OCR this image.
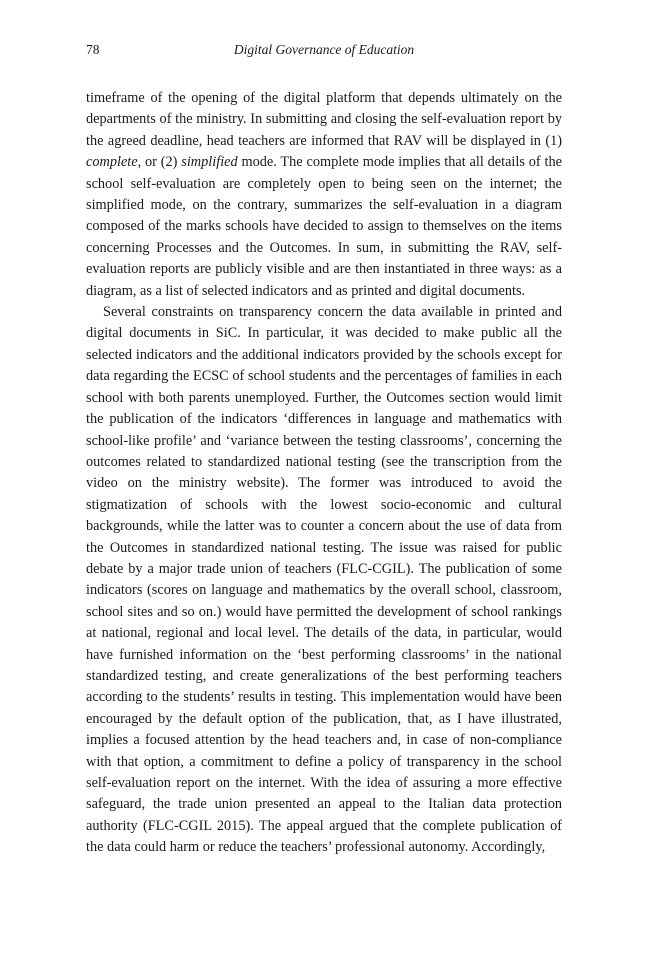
78	Digital Governance of Education

timeframe of the opening of the digital platform that depends ultimately on the departments of the ministry. In submitting and closing the self-evaluation report by the agreed deadline, head teachers are informed that RAV will be displayed in (1) complete, or (2) simplified mode. The complete mode implies that all details of the school self-evaluation are completely open to being seen on the internet; the simplified mode, on the contrary, summarizes the self-evaluation in a diagram composed of the marks schools have decided to assign to themselves on the items concerning Processes and the Outcomes. In sum, in submitting the RAV, self-evaluation reports are publicly visible and are then instantiated in three ways: as a diagram, as a list of selected indicators and as printed and digital documents.

Several constraints on transparency concern the data available in printed and digital documents in SiC. In particular, it was decided to make public all the selected indicators and the additional indicators provided by the schools except for data regarding the ECSC of school students and the percentages of families in each school with both parents unemployed. Further, the Outcomes section would limit the publication of the indicators ‘differences in language and mathematics with school-like profile’ and ‘variance between the testing classrooms’, concerning the outcomes related to standardized national testing (see the transcription from the video on the ministry website). The former was introduced to avoid the stigmatization of schools with the lowest socio-economic and cultural backgrounds, while the latter was to counter a concern about the use of data from the Outcomes in standardized national testing. The issue was raised for public debate by a major trade union of teachers (FLC-CGIL). The publication of some indicators (scores on language and mathematics by the overall school, classroom, school sites and so on.) would have permitted the development of school rankings at national, regional and local level. The details of the data, in particular, would have furnished information on the ‘best performing classrooms’ in the national standardized testing, and create generalizations of the best performing teachers according to the students’ results in testing. This implementation would have been encouraged by the default option of the publication, that, as I have illustrated, implies a focused attention by the head teachers and, in case of non-compliance with that option, a commitment to define a policy of transparency in the school self-evaluation report on the internet. With the idea of assuring a more effective safeguard, the trade union presented an appeal to the Italian data protection authority (FLC-CGIL 2015). The appeal argued that the complete publication of the data could harm or reduce the teachers’ professional autonomy. Accordingly,
